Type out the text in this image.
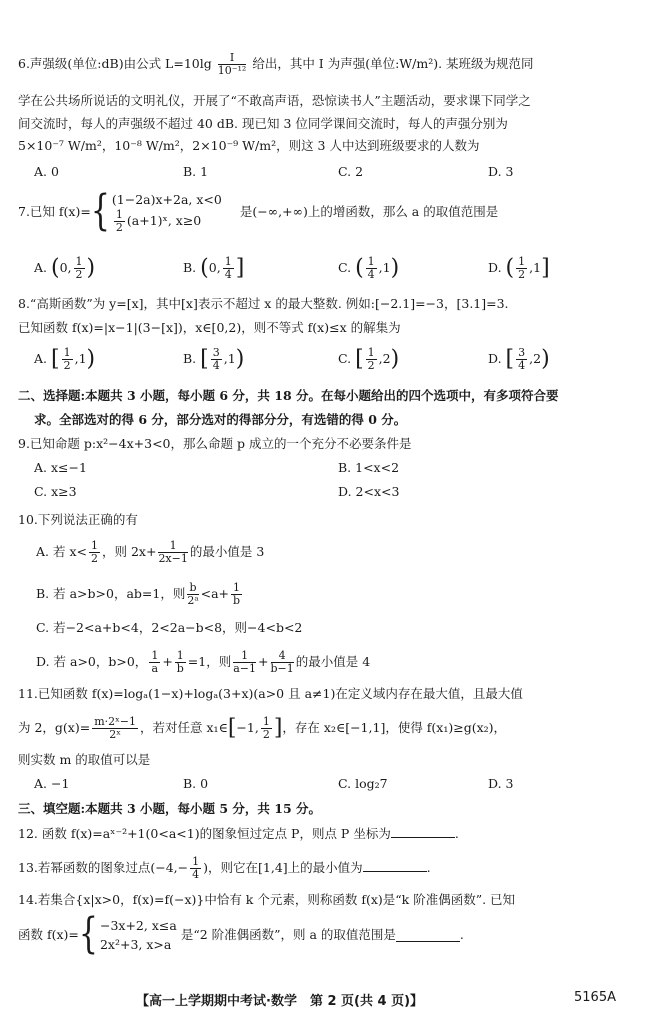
6.声强级(单位:dB)由公式 $L=10\lg \frac{I}{\text{10⁻¹²}}$ 给出，其中 I 为声强(单位:W/m²). 某班级为规范同
学在公共场所说话的文明礼仪，开展了“不敢高声语，恐惊读书人”主题活动，要求课下同学之
间交流时，每人的声强级不超过 40 dB. 现已知 3 位同学课间交流时，每人的声强分别为
5×10⁻⁷ W/m²，10⁻⁸ W/m²，2×10⁻⁹ W/m²，则这 3 人中达到班级要求的人数为
A. 0	B. 1	C. 2	D. 3
7.已知 f(x)={ (1−2a)x+2a, x<0
$\frac{1}{2}$ (a+1)ˣ, x≥0
是(−∞,+∞)上的增函数，那么 a 的取值范围是
A. (0, $\frac{1}{2}$ )	B. (0, $\frac{1}{4}$ ]	C. ( $\frac{1}{4} ,1$)	D. ( $\frac{1}{2} ,1$]
8.“高斯函数”为 y=[x]，其中[x]表示不超过 x 的最大整数. 例如:[−2.1]=−3，[3.1]=3.
已知函数 f(x)=|x−1|(3−[x])，x∈[0,2)，则不等式 f(x)≤x 的解集为
A. [ $\frac{1}{2} ,1$)	B. [ $\frac{3}{4} ,1$)	C. [ $\frac{1}{2} ,2$)	D. [ $\frac{3}{4} ,2$)
二、选择题:本题共 3 小题，每小题 6 分，共 18 分。在每小题给出的四个选项中，有多项符合要
求。全部选对的得 6 分，部分选对的得部分分，有选错的得 0 分。
9.已知命题 p:x²−4x+3<0，那么命题 p 成立的一个充分不必要条件是
A. x≤−1	B. 1<x<2
C. x≥3	D. 2<x<3
10.下列说法正确的有
A. 若 $x< \frac{1}{2}$ ，则 $2x+ \frac{1}{2x-1}$ 的最小值是 3
B. 若 a>b>0，ab=1，则 $\frac{b}{\text{2ᵃ}} <a+ \frac{1}{b}$
C. 若−2<a+b<4，2<2a−b<8，则−4<b<2
D. 若 a>0，b>0， $\frac{1}{a} + \frac{1}{b} =1$，则 $\frac{1}{a-1} + \frac{4}{b-1}$ 的最小值是 4
11.已知函数 f(x)=logₐ(1−x)+logₐ(3+x)(a>0 且 a≠1)在定义域内存在最大值，且最大值
为 2，$g(x)= \frac{\text{m·2ˣ−1}}{\text{2ˣ}}$ ，若对任意 x₁∈[−1, $\frac{1}{2}$ ]，存在 x₂∈[−1,1]，使得 f(x₁)≥g(x₂)，
则实数 m 的取值可以是
A. −1	B. 0	C. log₂7	D. 3
三、填空题:本题共 3 小题，每小题 5 分，共 15 分。
12. 函数 f(x)=aˣ⁻²+1(0<a<1)的图象恒过定点 P，则点 P 坐标为	.
13.若幂函数的图象过点($-4,- \frac{1}{4}$ )，则它在[1,4]上的最小值为	.
14.若集合{x|x>0，f(x)=f(−x)}中恰有 k 个元素，则称函数 f(x)是“k 阶准偶函数”. 已知
函数 f(x)={ −3x+2, x≤a
2x²+3, x>a
是“2 阶准偶函数”，则 a 的取值范围是	.
【高一上学期期中考试·数学　第 2 页(共 4 页)】	5165A
